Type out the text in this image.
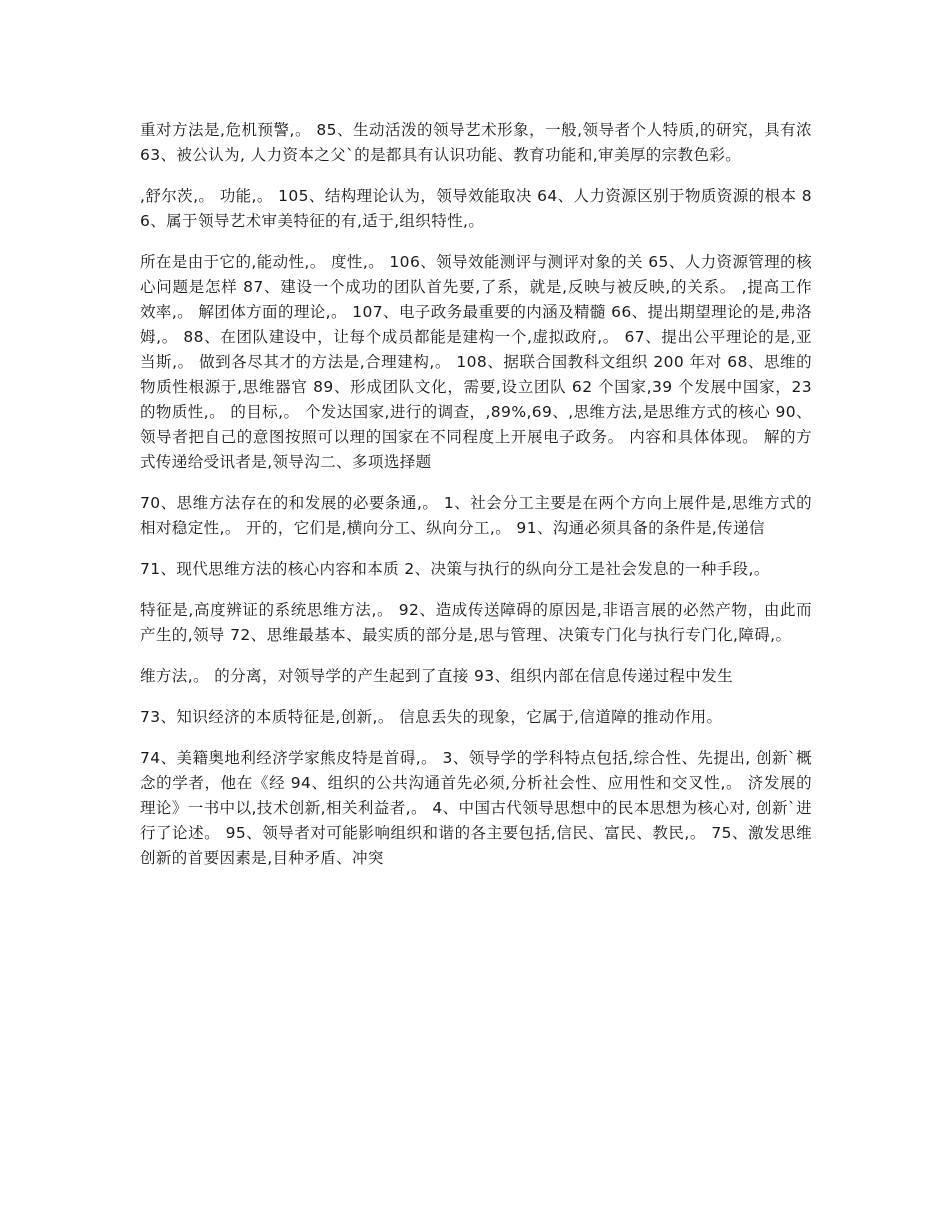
重对方法是,危机预警,。 85、生动活泼的领导艺术形象，一般,领导者个人特质,的研究，具有浓 63、被公认为, 人力资本之父`的是都具有认识功能、教育功能和,审美厚的宗教色彩。

,舒尔茨,。 功能,。 105、结构理论认为，领导效能取决 64、人力资源区别于物质资源的根本 86、属于领导艺术审美特征的有,适于,组织特性,。

所在是由于它的,能动性,。 度性,。 106、领导效能测评与测评对象的关 65、人力资源管理的核心问题是怎样 87、建设一个成功的团队首先要,了系，就是,反映与被反映,的关系。 ,提高工作效率,。 解团体方面的理论,。 107、电子政务最重要的内涵及精髓 66、提出期望理论的是,弗洛姆,。 88、在团队建设中，让每个成员都能是建构一个,虚拟政府,。 67、提出公平理论的是,亚当斯,。 做到各尽其才的方法是,合理建构,。 108、据联合国教科文组织 200 年对 68、思维的物质性根源于,思维器官 89、形成团队文化，需要,设立团队 62 个国家,39 个发展中国家，23 的物质性,。 的目标,。 个发达国家,进行的调查，,89%,69、,思维方法,是思维方式的核心 90、领导者把自己的意图按照可以理的国家在不同程度上开展电子政务。 内容和具体体现。 解的方式传递给受讯者是,领导沟二、多项选择题

70、思维方法存在的和发展的必要条通,。 1、社会分工主要是在两个方向上展件是,思维方式的相对稳定性,。 开的，它们是,横向分工、纵向分工,。 91、沟通必须具备的条件是,传递信

71、现代思维方法的核心内容和本质 2、决策与执行的纵向分工是社会发息的一种手段,。

特征是,高度辨证的系统思维方法,。 92、造成传送障碍的原因是,非语言展的必然产物，由此而产生的,领导 72、思维最基本、最实质的部分是,思与管理、决策专门化与执行专门化,障碍,。

维方法,。 的分离，对领导学的产生起到了直接 93、组织内部在信息传递过程中发生

73、知识经济的本质特征是,创新,。 信息丢失的现象，它属于,信道障的推动作用。

74、美籍奥地利经济学家熊皮特是首碍,。 3、领导学的学科特点包括,综合性、先提出, 创新`概念的学者，他在《经 94、组织的公共沟通首先必须,分析社会性、应用性和交叉性,。 济发展的理论》一书中以,技术创新,相关利益者,。 4、中国古代领导思想中的民本思想为核心对, 创新`进行了论述。 95、领导者对可能影响组织和谐的各主要包括,信民、富民、教民,。 75、激发思维创新的首要因素是,目种矛盾、冲突
